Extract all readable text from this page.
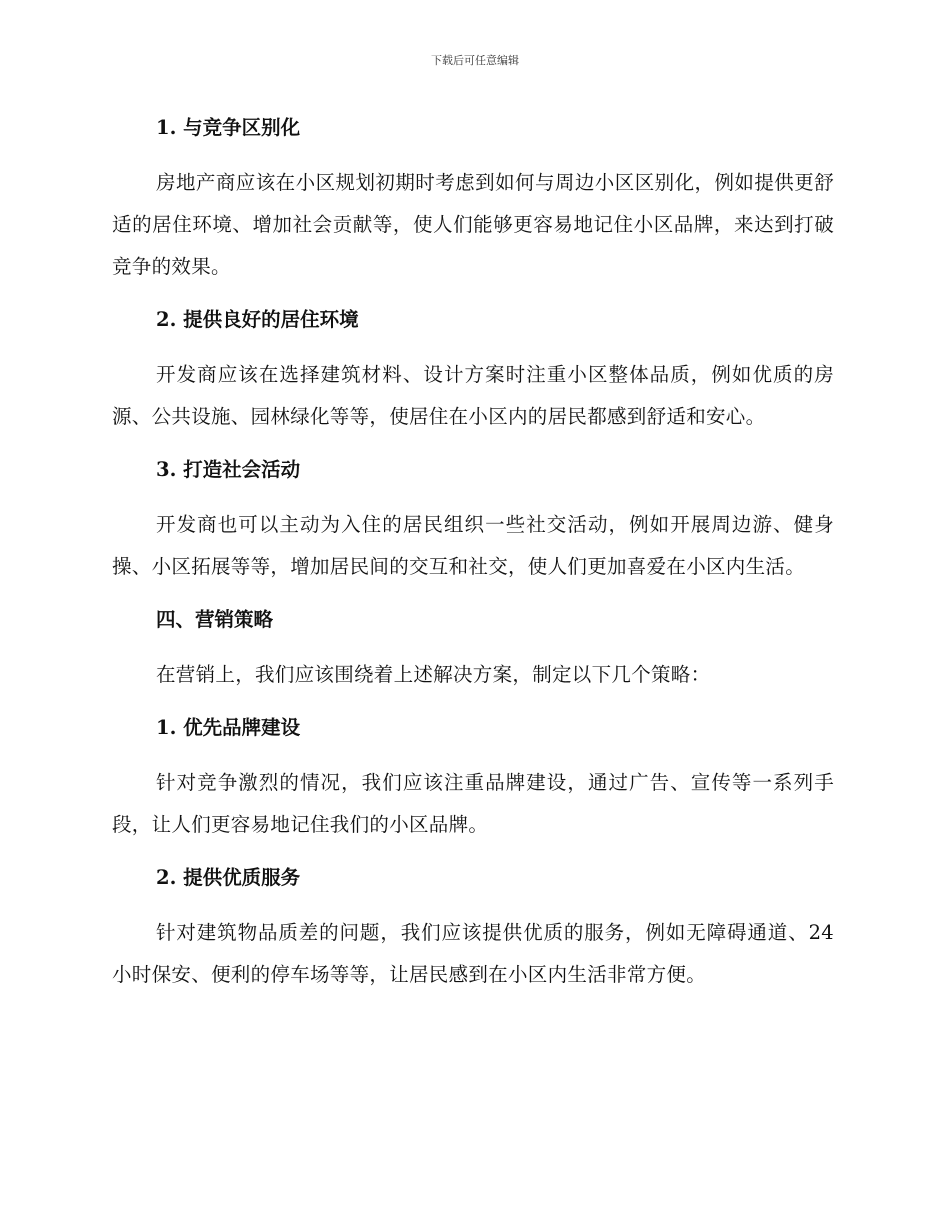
下载后可任意编辑
1. 与竞争区别化

房地产商应该在小区规划初期时考虑到如何与周边小区区别化，例如提供更舒适的居住环境、增加社会贡献等，使人们能够更容易地记住小区品牌，来达到打破竞争的效果。

2. 提供良好的居住环境

开发商应该在选择建筑材料、设计方案时注重小区整体品质，例如优质的房源、公共设施、园林绿化等等，使居住在小区内的居民都感到舒适和安心。

3. 打造社会活动

开发商也可以主动为入住的居民组织一些社交活动，例如开展周边游、健身操、小区拓展等等，增加居民间的交互和社交，使人们更加喜爱在小区内生活。

四、营销策略

在营销上，我们应该围绕着上述解决方案，制定以下几个策略：

1. 优先品牌建设

针对竞争激烈的情况，我们应该注重品牌建设，通过广告、宣传等一系列手段，让人们更容易地记住我们的小区品牌。

2. 提供优质服务

针对建筑物品质差的问题，我们应该提供优质的服务，例如无障碍通道、24 小时保安、便利的停车场等等，让居民感到在小区内生活非常方便。
